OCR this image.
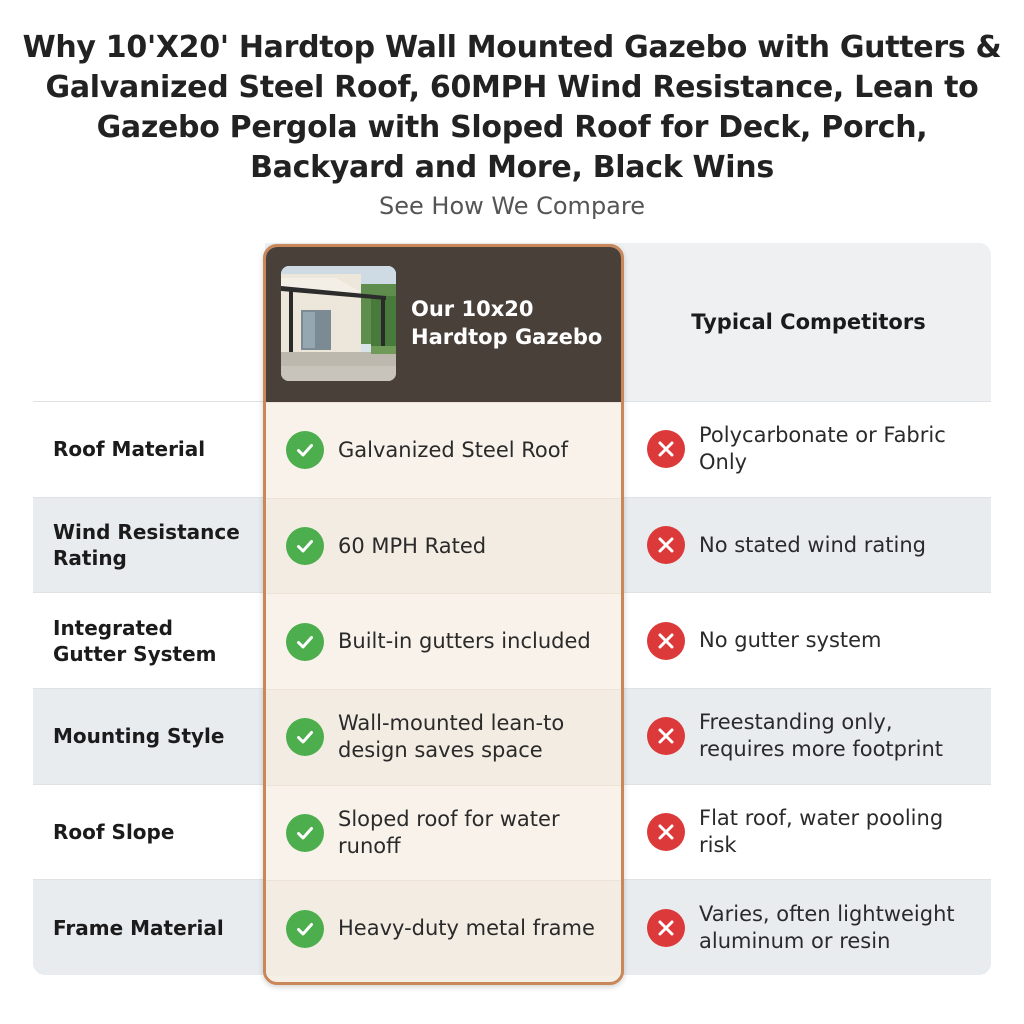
Why 10'X20' Hardtop Wall Mounted Gazebo with Gutters & Galvanized Steel Roof, 60MPH Wind Resistance, Lean to Gazebo Pergola with Sloped Roof for Deck, Porch, Backyard and More, Black Wins

See How We Compare

Typical Competitors
Roof Material
Polycarbonate or Fabric Only
Wind Resistance Rating
No stated wind rating
Integrated Gutter System
No gutter system
Mounting Style
Freestanding only, requires more footprint
Roof Slope
Flat roof, water pooling risk
Frame Material
Varies, often lightweight aluminum or resin
Our 10x20 Hardtop Gazebo
Galvanized Steel Roof
60 MPH Rated
Built-in gutters included
Wall-mounted lean-to design saves space
Sloped roof for water runoff
Heavy-duty metal frame
